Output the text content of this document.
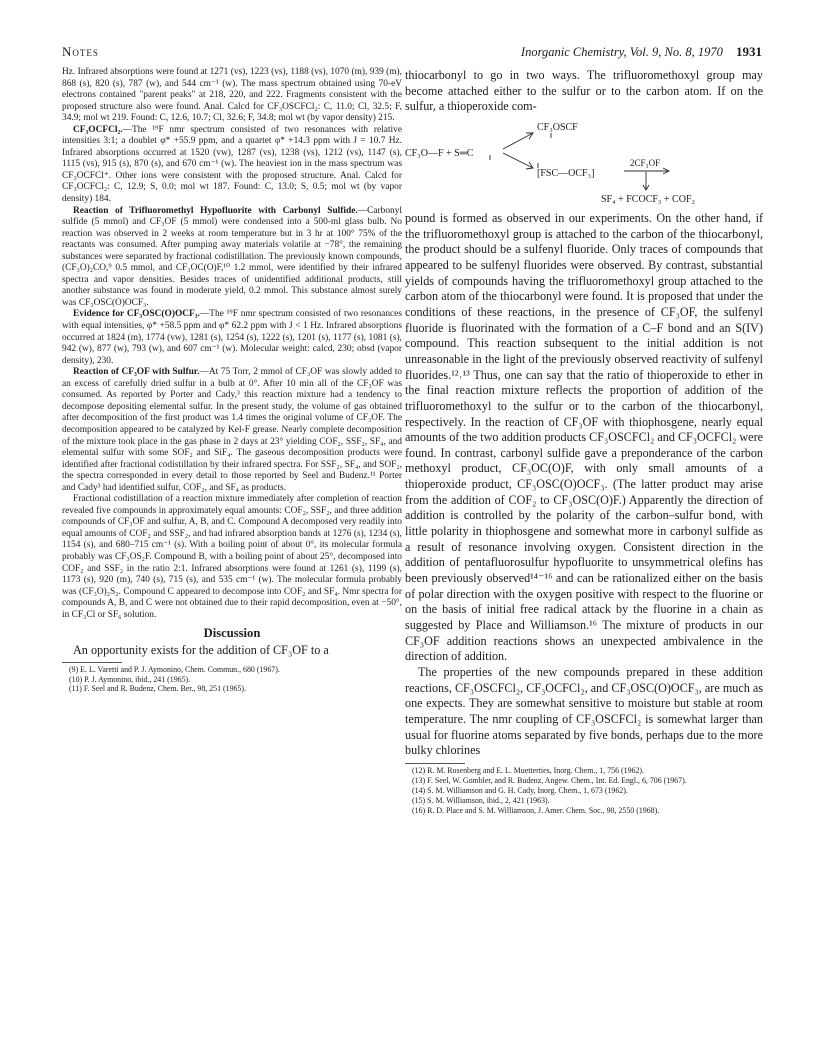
Notes	Inorganic Chemistry, Vol. 9, No. 8, 1970 1931

Hz. Infrared absorptions were found at 1271 (vs), 1223 (vs), 1188 (vs), 1070 (m), 939 (m), 868 (s), 820 (s), 787 (w), and 544 cm⁻¹ (w). The mass spectrum obtained using 70-eV electrons contained "parent peaks" at 218, 220, and 222. Fragments consistent with the proposed structure also were found. Anal. Calcd for CF₃OSCFCl₂: C, 11.0; Cl, 32.5; F, 34.9; mol wt 219. Found: C, 12.6, 10.7; Cl, 32.6; F, 34.8; mol wt (by vapor density) 215.

CF₃OCFCl₂.—The ¹⁹F nmr spectrum consisted of two resonances with relative intensities 3:1; a doublet φ* +55.9 ppm, and a quartet φ* +14.3 ppm with J = 10.7 Hz. Infrared absorptions occurred at 1520 (vw), 1287 (vs), 1238 (vs), 1212 (vs), 1147 (s), 1115 (vs), 915 (s), 870 (s), and 670 cm⁻¹ (w). The heaviest ion in the mass spectrum was CF₃OCFCl⁺. Other ions were consistent with the proposed structure. Anal. Calcd for CF₃OCFCl₂: C, 12.9; S, 0.0; mol wt 187. Found: C, 13.0; S, 0.5; mol wt (by vapor density) 184.

Reaction of Trifluoromethyl Hypofluorite with Carbonyl Sulfide.—Carbonyl sulfide (5 mmol) and CF₃OF (5 mmol) were condensed into a 500-ml glass bulb. No reaction was observed in 2 weeks at room temperature but in 3 hr at 100° 75% of the reactants was consumed. After pumping away materials volatile at −78°, the remaining substances were separated by fractional codistillation. The previously known compounds, (CF₃O)₂CO,⁹ 0.5 mmol, and CF₃OC(O)F,¹⁰ 1.2 mmol, were identified by their infrared spectra and vapor densities. Besides traces of unidentified additional products, still another substance was found in moderate yield, 0.2 mmol. This substance almost surely was CF₃OSC(O)OCF₃.

Evidence for CF₃OSC(O)OCF₃.—The ¹⁹F nmr spectrum consisted of two resonances with equal intensities, φ* +58.5 ppm and φ* 62.2 ppm with J < 1 Hz. Infrared absorptions occurred at 1824 (m), 1774 (vw), 1281 (s), 1254 (s), 1222 (s), 1201 (s), 1177 (s), 1081 (s), 942 (w), 877 (w), 793 (w), and 607 cm⁻¹ (w). Molecular weight: calcd, 230; obsd (vapor density), 230.

Reaction of CF₃OF with Sulfur.—At 75 Torr, 2 mmol of CF₃OF was slowly added to an excess of carefully dried sulfur in a bulb at 0°. After 10 min all of the CF₃OF was consumed. As reported by Porter and Cady,³ this reaction mixture had a tendency to decompose depositing elemental sulfur. In the present study, the volume of gas obtained after decomposition of the first product was 1.4 times the original volume of CF₃OF. The decomposition appeared to be catalyzed by Kel-F grease. Nearly complete decomposition of the mixture took place in the gas phase in 2 days at 23° yielding COF₂, SSF₂, SF₄, and elemental sulfur with some SOF₂ and SiF₄. The gaseous decomposition products were identified after fractional codistillation by their infrared spectra. For SSF₂, SF₄, and SOF₂, the spectra corresponded in every detail to those reported by Seel and Budenz.¹¹ Porter and Cady³ had identified sulfur, COF₂, and SF₄ as products.

Fractional codistillation of a reaction mixture immediately after completion of reaction revealed five compounds in approximately equal amounts: COF₂, SSF₂, and three addition compounds of CF₃OF and sulfur, A, B, and C. Compound A decomposed very readily into equal amounts of COF₂ and SSF₂, and had infrared absorption bands at 1276 (s), 1234 (s), 1154 (s), and 680–715 cm⁻¹ (s). With a boiling point of about 0°, its molecular formula probably was CF₃OS₂F. Compound B, with a boiling point of about 25°, decomposed into COF₂ and SSF₂ in the ratio 2:1. Infrared absorptions were found at 1261 (s), 1199 (s), 1173 (s), 920 (m), 740 (s), 715 (s), and 535 cm⁻¹ (w). The molecular formula probably was (CF₃O)₂S₂. Compound C appeared to decompose into COF₂ and SF₄. Nmr spectra for compounds A, B, and C were not obtained due to their rapid decomposition, even at −50°, in CF₃Cl or SF₆ solution.

Discussion

An opportunity exists for the addition of CF₃OF to a

(9) E. L. Varetti and P. J. Aymonino, Chem. Commun., 680 (1967).
(10) P. J. Aymonino, ibid., 241 (1965).
(11) F. Seel and R. Budenz, Chem. Ber., 98, 251 (1965).

thiocarbonyl to go in two ways. The trifluoromethoxyl group may become attached either to the sulfur or to the carbon atom. If on the sulfur, a thioperoxide com-

CF₃O—F + S═C
CF₃OSCF
[FSC—OCF₃]
2CF₃OF
SF₄ + FCOCF₃ + COF₂

pound is formed as observed in our experiments. On the other hand, if the trifluoromethoxyl group is attached to the carbon of the thiocarbonyl, the product should be a sulfenyl fluoride. Only traces of compounds that appeared to be sulfenyl fluorides were observed. By contrast, substantial yields of compounds having the trifluoromethoxyl group attached to the carbon atom of the thiocarbonyl were found. It is proposed that under the conditions of these reactions, in the presence of CF₃OF, the sulfenyl fluoride is fluorinated with the formation of a C–F bond and an S(IV) compound. This reaction subsequent to the initial addition is not unreasonable in the light of the previously observed reactivity of sulfenyl fluorides.¹²˒¹³ Thus, one can say that the ratio of thioperoxide to ether in the final reaction mixture reflects the proportion of addition of the trifluoromethoxyl to the sulfur or to the carbon of the thiocarbonyl, respectively. In the reaction of CF₃OF with thiophosgene, nearly equal amounts of the two addition products CF₃OSCFCl₂ and CF₃OCFCl₂ were found. In contrast, carbonyl sulfide gave a preponderance of the carbon methoxyl product, CF₃OC(O)F, with only small amounts of a thioperoxide product, CF₃OSC(O)OCF₃. (The latter product may arise from the addition of COF₂ to CF₃OSC(O)F.) Apparently the direction of addition is controlled by the polarity of the carbon–sulfur bond, with little polarity in thiophosgene and somewhat more in carbonyl sulfide as a result of resonance involving oxygen. Consistent direction in the addition of pentafluorosulfur hypofluorite to unsymmetrical olefins has been previously observed¹⁴⁻¹⁶ and can be rationalized either on the basis of polar direction with the oxygen positive with respect to the fluorine or on the basis of initial free radical attack by the fluorine in a chain as suggested by Place and Williamson.¹⁶ The mixture of products in our CF₃OF addition reactions shows an unexpected ambivalence in the direction of addition.

The properties of the new compounds prepared in these addition reactions, CF₃OSCFCl₂, CF₃OCFCl₂, and CF₃OSC(O)OCF₃, are much as one expects. They are somewhat sensitive to moisture but stable at room temperature. The nmr coupling of CF₃OSCFCl₂ is somewhat larger than usual for fluorine atoms separated by five bonds, perhaps due to the more bulky chlorines

(12) R. M. Rosenberg and E. L. Muetterties, Inorg. Chem., 1, 756 (1962).
(13) F. Seel, W. Gombler, and R. Budenz, Angew. Chem., Int. Ed. Engl., 6, 706 (1967).
(14) S. M. Williamson and G. H. Cady, Inorg. Chem., 1, 673 (1962).
(15) S. M. Williamson, ibid., 2, 421 (1963).
(16) R. D. Place and S. M. Williamson, J. Amer. Chem. Soc., 90, 2550 (1968).
